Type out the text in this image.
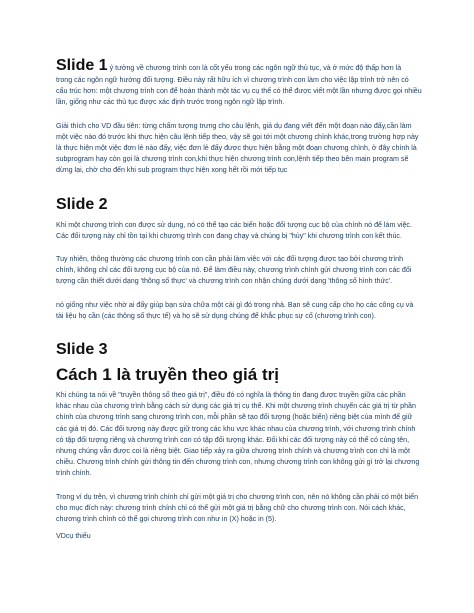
Slide 1 ý tưởng về chương trình con là cốt yếu trong các ngôn ngữ thủ tục, và ở mức độ thấp hơn là

trong các ngôn ngữ hướng đối tượng. Điều này rất hữu ích vì chương trình con làm cho việc lập trình trở nên có cấu trúc hơn: một chương trình con để hoàn thành một tác vụ cụ thể có thể được viết một lần nhưng được gọi nhiều lần, giống như các thủ tục được xác định trước trong ngôn ngữ lập trình.

Giải thích cho VD đầu tiên: từng chấm tượng trưng cho câu lệnh, giả dụ đang viết đến một đoạn nào đấy,cần làm một việc nào đó trước khi thực hiện câu lệnh tiếp theo, vậy sẽ gọi tới một chương chình khác,trong trường hợp này là thực hiện một việc đơn lẻ nào đấy, việc đơn lẻ đấy được thực hiện bằng một đoạn chương chình, ở đây chính là subprogram hay còn gọi là chương trình con,khi thực hiện chương trình con,lệnh tiếp theo bên main program sẽ dừng lại, chờ cho đến khi sub program thực hiện xong hết rồi mới tiếp tục

Slide 2

Khi một chương trình con được sử dụng, nó có thể tạo các biến hoặc đối tượng cục bộ của chính nó để làm việc. Các đối tượng này chỉ tồn tại khi chương trình con đang chạy và chúng bị "hủy" khi chương trình con kết thúc.

Tuy nhiên, thông thường các chương trình con cần phải làm việc với các đối tượng được tạo bởi chương trình chính, không chỉ các đối tượng cục bộ của nó. Để làm điều này, chương trình chính gửi chương trình con các đối tượng cần thiết dưới dạng 'thông số thực' và chương trình con nhận chúng dưới dạng 'thông số hình thức'.

nó giống như việc nhờ ai đấy giúp bạn sửa chữa một cái gì đó trong nhà. Bạn sẽ cung cấp cho họ các công cụ và tài liệu họ cần (các thông số thực tế) và họ sẽ sử dụng chúng để khắc phục sự cố (chương trình con).

Slide 3
Cách 1 là truyền theo giá trị

Khi chúng ta nói về "truyền thông số theo giá trị", điều đó có nghĩa là thông tin đang được truyền giữa các phần khác nhau của chương trình bằng cách sử dụng các giá trị cụ thể. Khi một chương trình chuyển các giá trị từ phần chính của chương trình sang chương trình con, mỗi phần sẽ tạo đối tượng (hoặc biến) riêng biệt của mình để giữ các giá trị đó. Các đối tượng này được giữ trong các khu vực khác nhau của chương trình, với chương trình chính có tập đối tượng riêng và chương trình con có tập đối tượng khác. Đối khi các đối tượng này có thể có cùng tên, nhưng chúng vẫn được coi là riêng biệt. Giao tiếp xảy ra giữa chương trình chính và chương trình con chỉ là một chiều. Chương trình chính gửi thông tin đến chương trình con, nhưng chương trình con không gửi gì trở lại chương trình chính.

Trong ví dụ trên, vì chương trình chính chỉ gửi một giá trị cho chương trình con, nên nó không cần phải có một biến cho mục đích này: chương trình chính chỉ có thể gửi một giá trị bằng chữ cho chương trình con. Nói cách khác, chương trình chính có thể gọi chương trình con như in (X) hoặc in (5).

VDcụ thiếu
